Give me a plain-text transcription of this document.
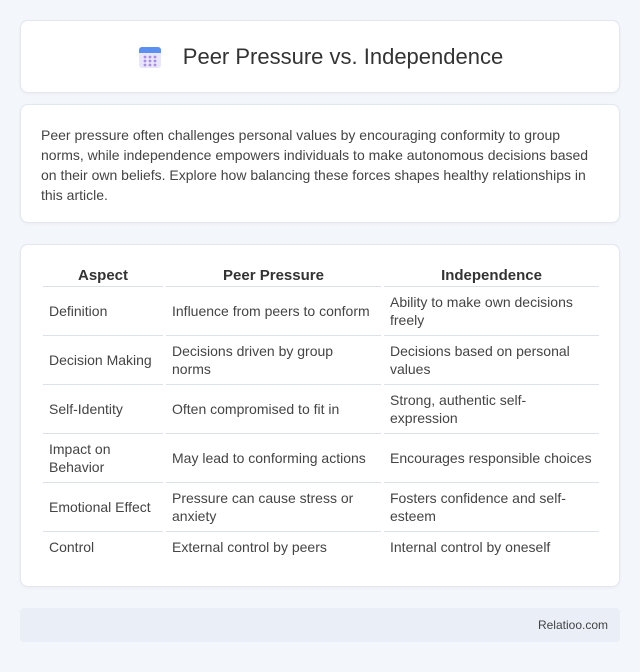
Peer Pressure vs. Independence

Peer pressure often challenges personal values by encouraging conformity to group norms, while independence empowers individuals to make autonomous decisions based on their own beliefs. Explore how balancing these forces shapes healthy relationships in this article.

Aspect		Peer Pressure		Independence
Definition		Influence from peers to conform		Ability to make own decisions freely
Decision Making		Decisions driven by group norms		Decisions based on personal values
Self-Identity		Often compromised to fit in		Strong, authentic self-expression
Impact on Behavior		May lead to conforming actions		Encourages responsible choices
Emotional Effect		Pressure can cause stress or anxiety		Fosters confidence and self-esteem
Control		External control by peers		Internal control by oneself
Relatioo.com
